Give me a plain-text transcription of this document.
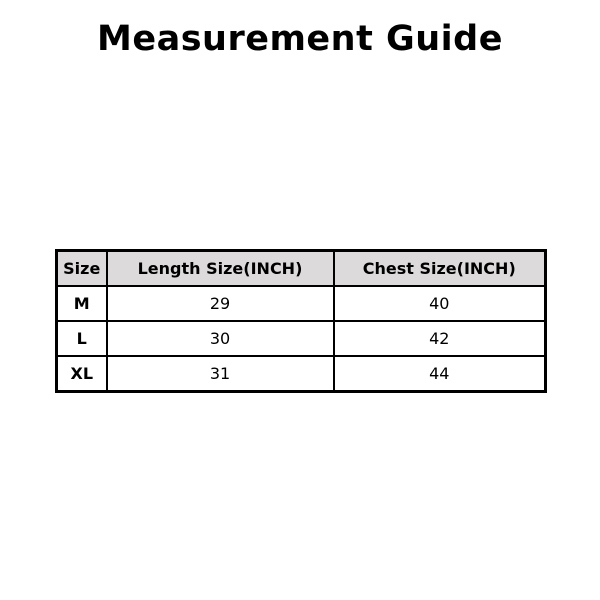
Measurement Guide
Size	Length Size(INCH)	Chest Size(INCH)
M	29	40
L	30	42
XL	31	44
